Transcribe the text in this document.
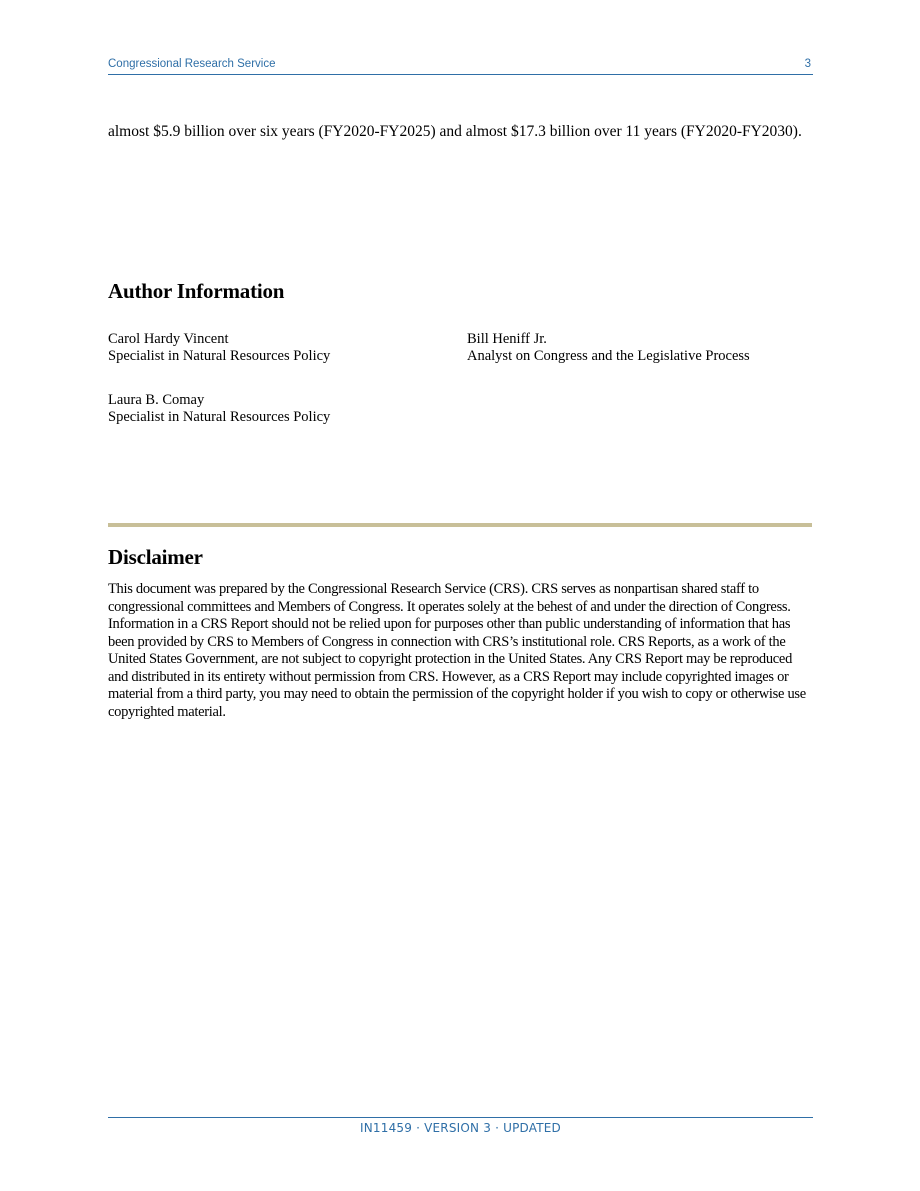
Congressional Research Service	3
almost $5.9 billion over six years (FY2020-FY2025) and almost $17.3 billion over 11 years (FY2020-FY2030).
Author Information
Carol Hardy Vincent
Specialist in Natural Resources Policy
Bill Heniff Jr.
Analyst on Congress and the Legislative Process
Laura B. Comay
Specialist in Natural Resources Policy
Disclaimer
This document was prepared by the Congressional Research Service (CRS). CRS serves as nonpartisan shared staff to congressional committees and Members of Congress. It operates solely at the behest of and under the direction of Congress. Information in a CRS Report should not be relied upon for purposes other than public understanding of information that has been provided by CRS to Members of Congress in connection with CRS’s institutional role. CRS Reports, as a work of the United States Government, are not subject to copyright protection in the United States. Any CRS Report may be reproduced and distributed in its entirety without permission from CRS. However, as a CRS Report may include copyrighted images or material from a third party, you may need to obtain the permission of the copyright holder if you wish to copy or otherwise use copyrighted material.
IN11459 · VERSION 3 · UPDATED
